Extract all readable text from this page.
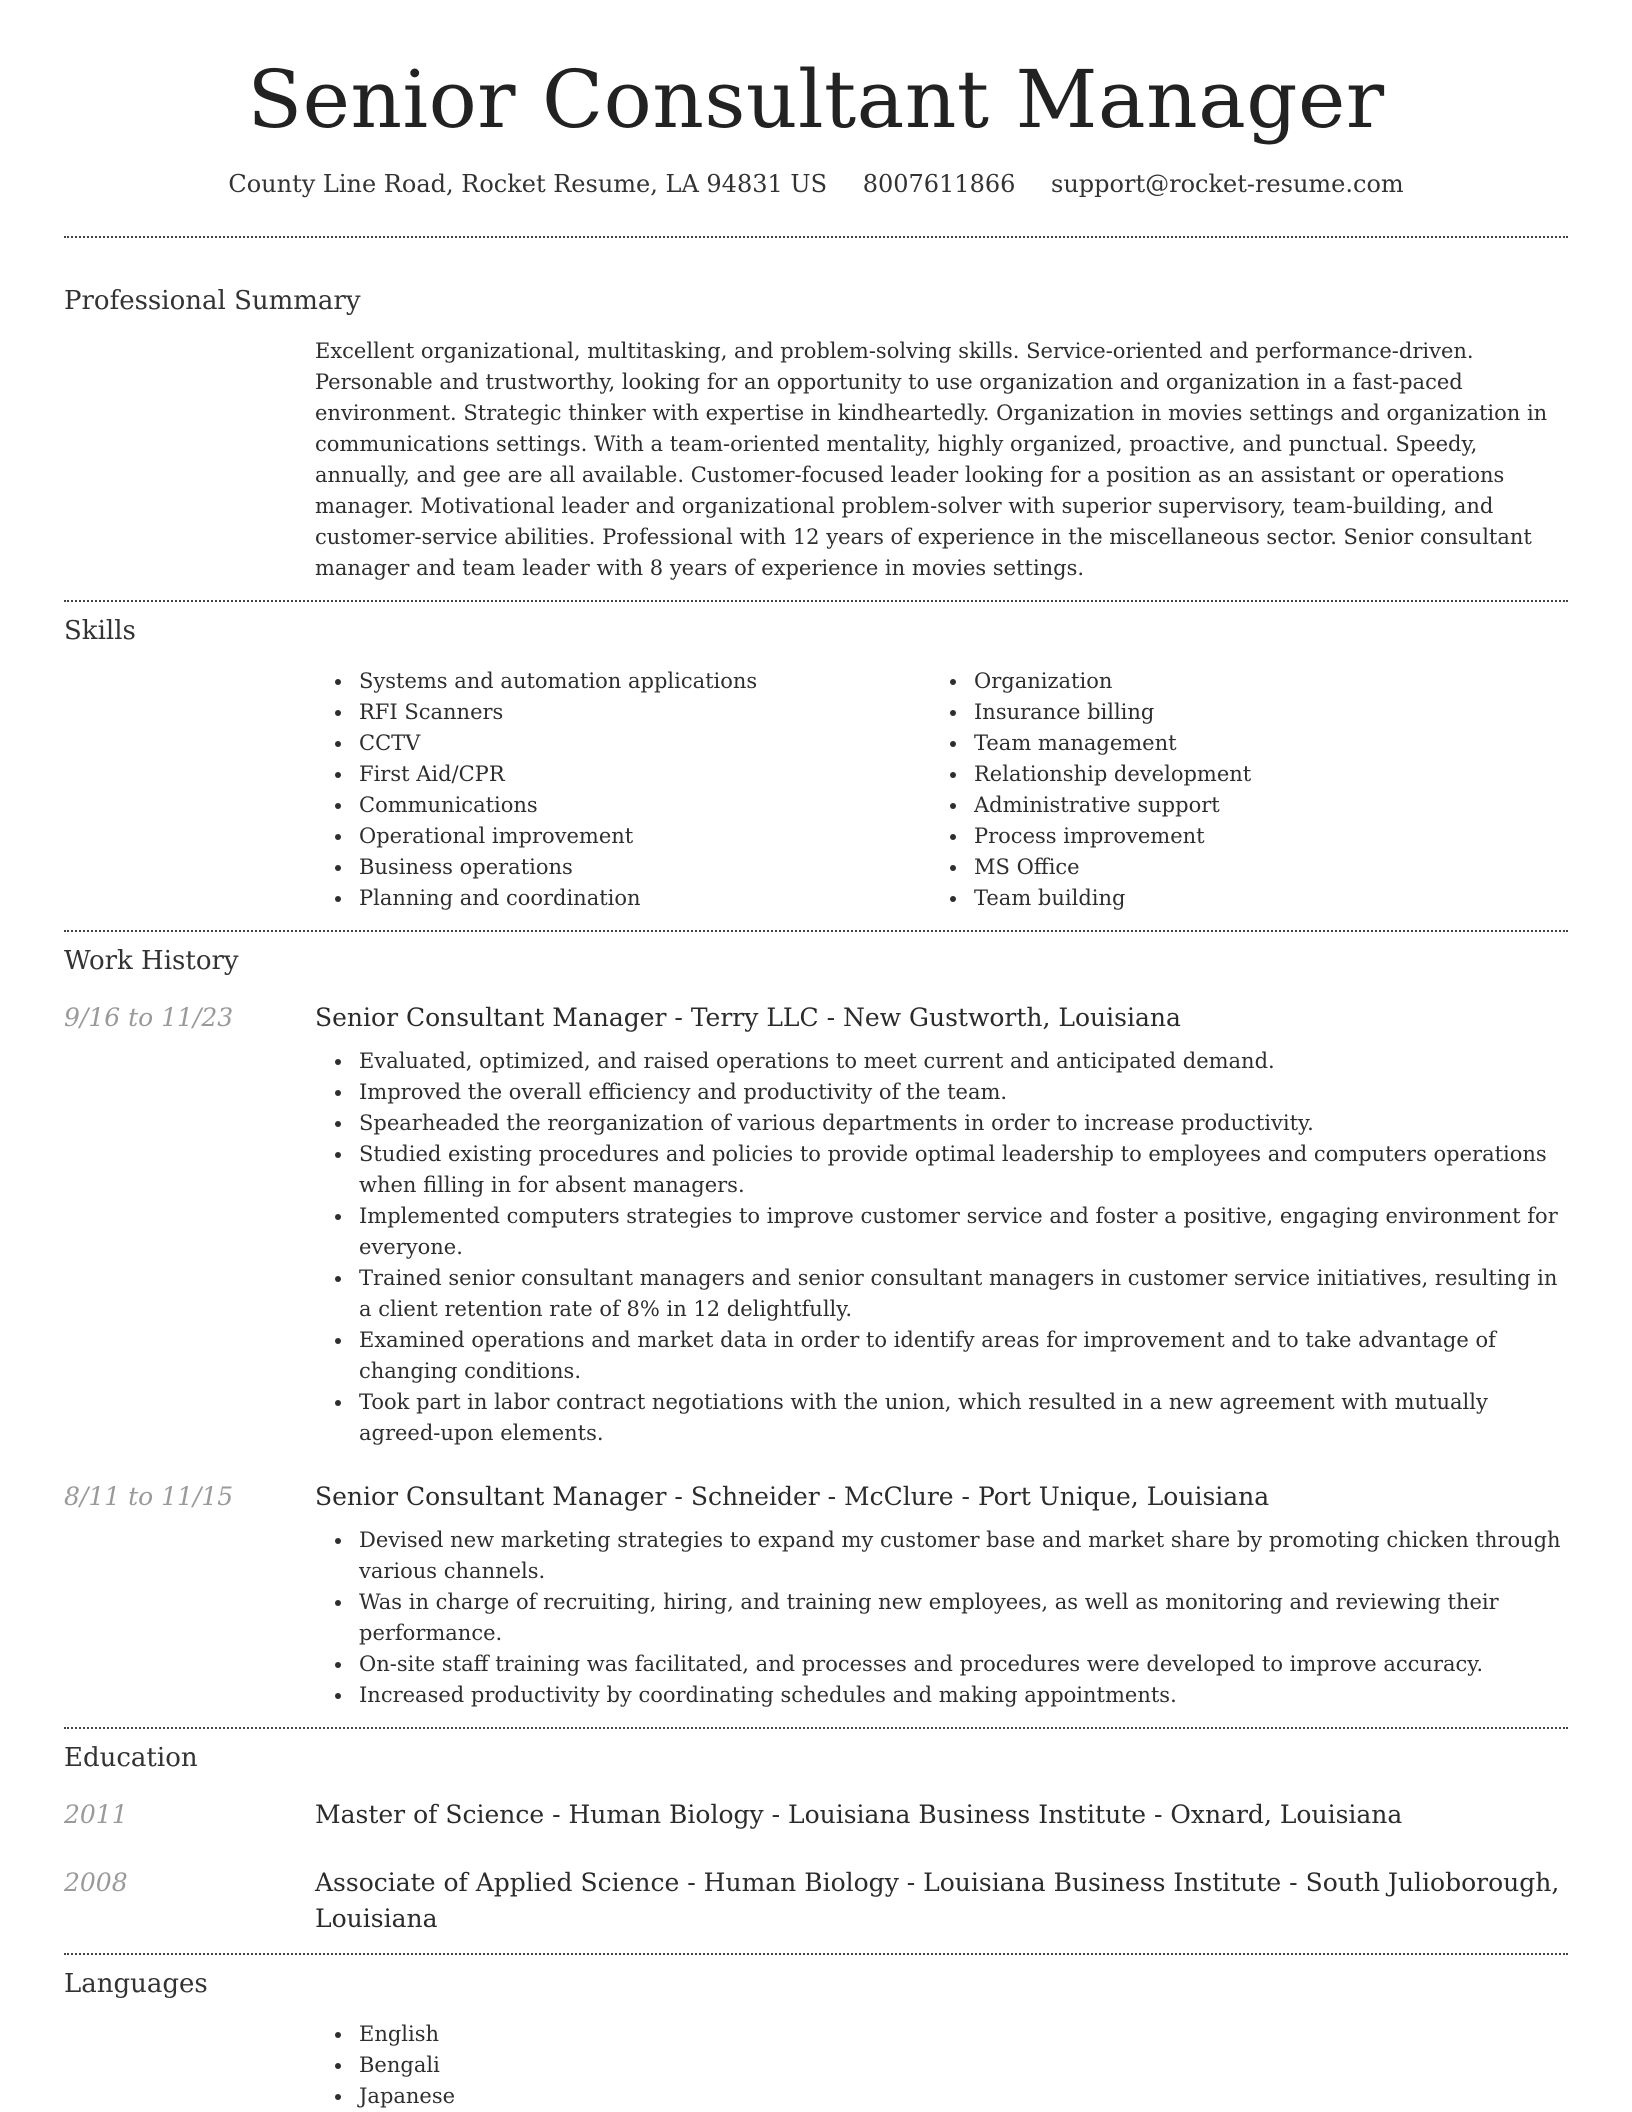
Senior Consultant Manager
County Line Road, Rocket Resume, LA 94831 US 8007611866 support@rocket-resume.com
Professional Summary

Excellent organizational, multitasking, and problem-solving skills. Service-oriented and performance-driven. Personable and trustworthy, looking for an opportunity to use organization and organization in a fast-paced environment. Strategic thinker with expertise in kindheartedly. Organization in movies settings and organization in communications settings. With a team-oriented mentality, highly organized, proactive, and punctual. Speedy, annually, and gee are all available. Customer-focused leader looking for a position as an assistant or operations manager. Motivational leader and organizational problem-solver with superior supervisory, team-building, and customer-service abilities. Professional with 12 years of experience in the miscellaneous sector. Senior consultant manager and team leader with 8 years of experience in movies settings.

Skills
Systems and automation applications
RFI Scanners
CCTV
First Aid/CPR
Communications
Operational improvement
Business operations
Planning and coordination
Organization
Insurance billing
Team management
Relationship development
Administrative support
Process improvement
MS Office
Team building
Work History
9/16 to 11/23	Senior Consultant Manager - Terry LLC - New Gustworth, Louisiana
Evaluated, optimized, and raised operations to meet current and anticipated demand.
Improved the overall efficiency and productivity of the team.
Spearheaded the reorganization of various departments in order to increase productivity.
Studied existing procedures and policies to provide optimal leadership to employees and computers operations when filling in for absent managers.
Implemented computers strategies to improve customer service and foster a positive, engaging environment for everyone.
Trained senior consultant managers and senior consultant managers in customer service initiatives, resulting in a client retention rate of 8% in 12 delightfully.
Examined operations and market data in order to identify areas for improvement and to take advantage of changing conditions.
Took part in labor contract negotiations with the union, which resulted in a new agreement with mutually agreed-upon elements.
8/11 to 11/15	Senior Consultant Manager - Schneider - McClure - Port Unique, Louisiana
Devised new marketing strategies to expand my customer base and market share by promoting chicken through various channels.
Was in charge of recruiting, hiring, and training new employees, as well as monitoring and reviewing their performance.
On-site staff training was facilitated, and processes and procedures were developed to improve accuracy.
Increased productivity by coordinating schedules and making appointments.
Education
2011	Master of Science - Human Biology - Louisiana Business Institute - Oxnard, Louisiana
2008	Associate of Applied Science - Human Biology - Louisiana Business Institute - South Julioborough, Louisiana
Languages
English
Bengali
Japanese
